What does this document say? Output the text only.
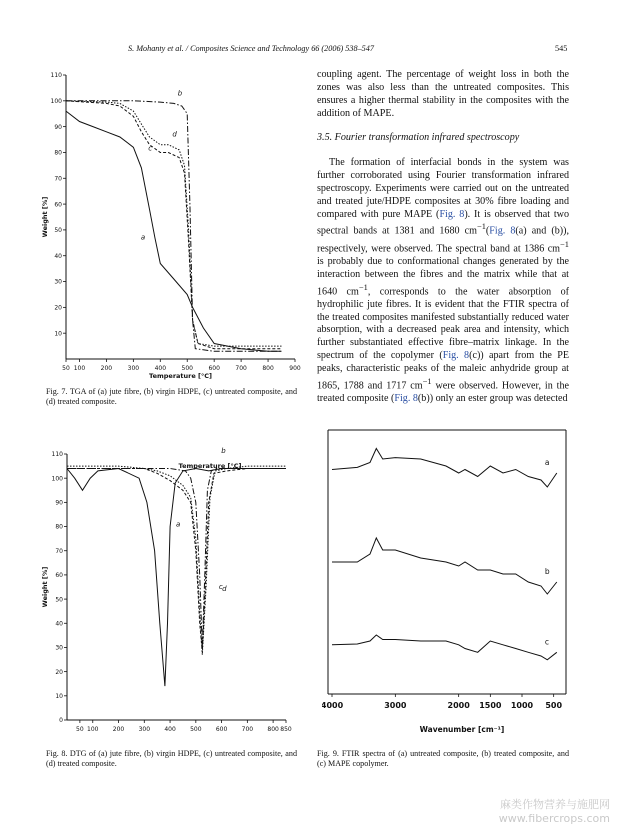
S. Mohanty et al. / Composites Science and Technology 66 (2006) 538–547	545
50 100	200	300	400	500	600	700	800	900
10
20
30
40
50
60
70
80
90
100
110
Temperature [°C]
Weight [%]
a
b
c
d
Fig. 7. TGA of (a) jute fibre, (b) virgin HDPE, (c) untreated composite, and (d) treated composite.
50 100 200 300 400 500 600 700 800 850
0
10
20
30
40
50
60
70
80
90
100
110
Temperature [°C]
Weight [%]
a
b
c d
Fig. 8. DTG of (a) jute fibre, (b) virgin HDPE, (c) untreated composite, and (d) treated composite.
4000	3000	2000 1500 1000 500
Wavenumber [cm⁻¹]
a
b
c
Fig. 9. FTIR spectra of (a) untreated composite, (b) treated composite, and (c) MAPE copolymer.

coupling agent. The percentage of weight loss in both the zones was also less than the untreated composites. This ensures a higher thermal stability in the composites with the addition of MAPE.

3.5. Fourier transformation infrared spectroscopy

The formation of interfacial bonds in the system was further corroborated using Fourier transformation infrared spectroscopy. Experiments were carried out on the untreated and treated jute/HDPE composites at 30% fibre loading and compared with pure MAPE (Fig. 8). It is observed that two spectral bands at 1381 and 1680 $cm^{-1}(Fig$. 8(a) and (b)), respectively, were observed. The spectral band at 1386 $cm^{-1}$ is probably due to conformational changes generated by the interaction between the fibres and the matrix while that at 1640 $cm^{-1}$, corresponds to the water absorption of hydrophilic jute fibres. It is evident that the FTIR spectra of the treated composites manifested substantially reduced water absorption, with a decreased peak area and intensity, which further substantiated effective fibre–matrix linkage. In the spectrum of the copolymer (Fig. 8(c)) apart from the PE peaks, characteristic peaks of the maleic anhydride group at 1865, 1788 and 1717 $cm^{-1}$ were observed. However, in the treated composite (Fig. 8(b)) only an ester group was detected

麻类作物营养与施肥网
www.fibercrops.com
